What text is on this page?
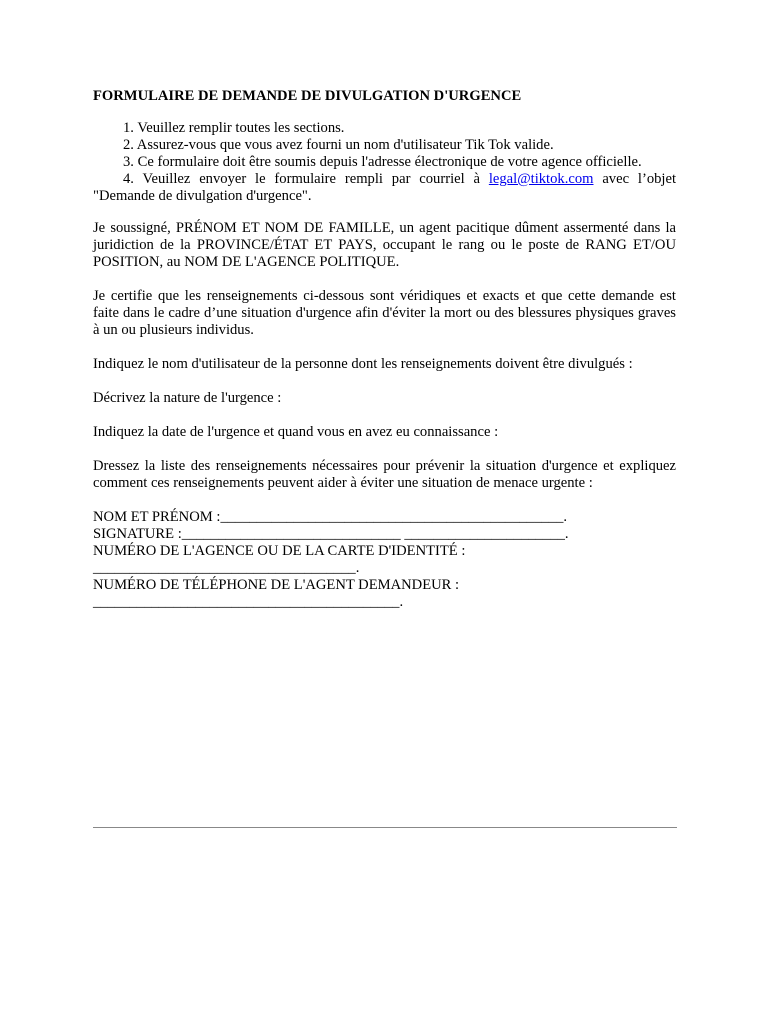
FORMULAIRE DE DEMANDE DE DIVULGATION D'URGENCE
1. Veuillez remplir toutes les sections.
2. Assurez-vous que vous avez fourni un nom d'utilisateur Tik Tok valide.
3. Ce formulaire doit être soumis depuis l'adresse électronique de votre agence officielle.
4. Veuillez envoyer le formulaire rempli par courriel à legal@tiktok.com avec l’objet "Demande de divulgation d'urgence".
Je soussigné, PRÉNOM ET NOM DE FAMILLE, un agent pacitique dûment assermenté dans la juridiction de la PROVINCE/ÉTAT ET PAYS, occupant le rang ou le poste de RANG ET/OU POSITION, au NOM DE L'AGENCE POLITIQUE.
Je certifie que les renseignements ci-dessous sont véridiques et exacts et que cette demande est faite dans le cadre d’une situation d'urgence afin d'éviter la mort ou des blessures physiques graves à un ou plusieurs individus.
Indiquez le nom d'utilisateur de la personne dont les renseignements doivent être divulgués :
Décrivez la nature de l'urgence :
Indiquez la date de l'urgence et quand vous en avez eu connaissance :
Dressez la liste des renseignements nécessaires pour prévenir la situation d'urgence et expliquez comment ces renseignements peuvent aider à éviter une situation de menace urgente :
NOM ET PRÉNOM :_______________________________________________.
SIGNATURE :______________________________ ______________________.
NUMÉRO DE L'AGENCE OU DE LA CARTE D'IDENTITÉ :
____________________________________.
NUMÉRO DE TÉLÉPHONE DE L'AGENT DEMANDEUR :
__________________________________________.
